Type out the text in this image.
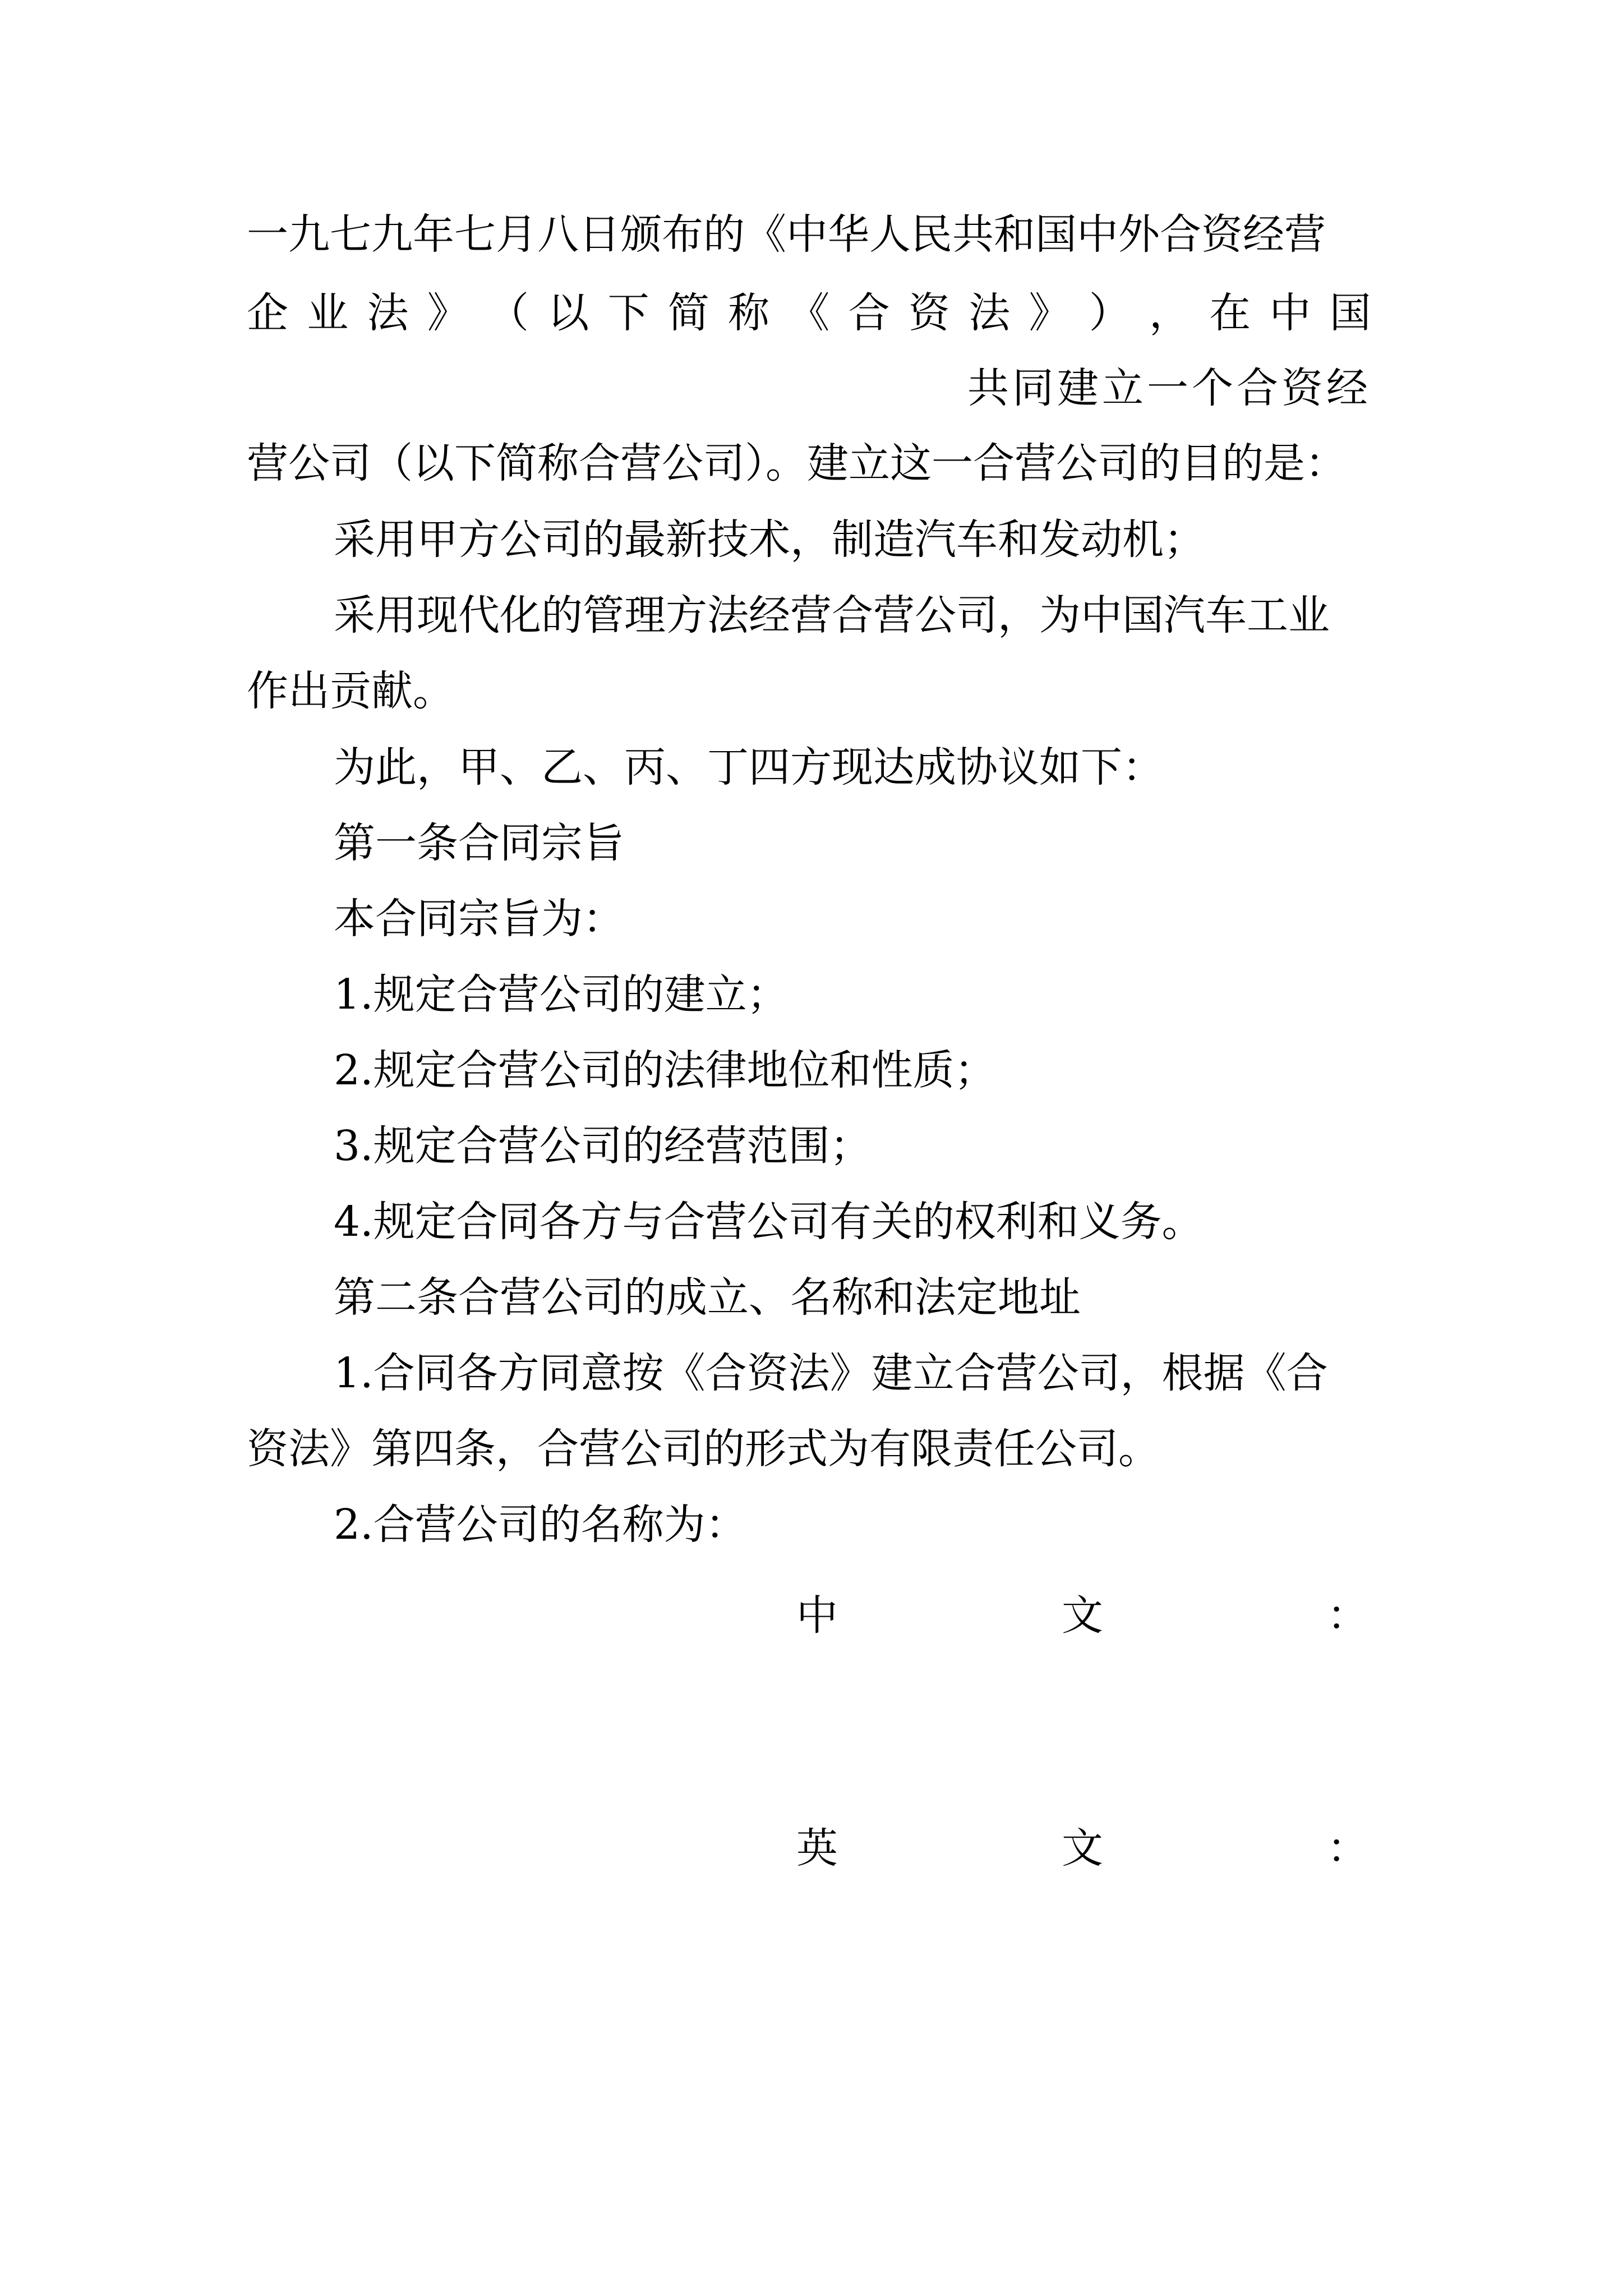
一九七九年七月八日颁布的《中华人民共和国中外合资经营

企 业 法 》 （ 以 下 简 称 《 合 资 法 》 ） ， 在 中 国

共同建立一个合资经

营公司（以下简称合营公司）。建立这一合营公司的目的是：

采用甲方公司的最新技术，制造汽车和发动机；

采用现代化的管理方法经营合营公司，为中国汽车工业

作出贡献。

为此，甲、乙、丙、丁四方现达成协议如下：

第一条合同宗旨

本合同宗旨为：

1.规定合营公司的建立；

2.规定合营公司的法律地位和性质；

3.规定合营公司的经营范围；

4.规定合同各方与合营公司有关的权利和义务。

第二条合营公司的成立、名称和法定地址

1.合同各方同意按《合资法》建立合营公司，根据《合

资法》第四条，合营公司的形式为有限责任公司。

2.合营公司的名称为：

中	文	：
英	文	：
